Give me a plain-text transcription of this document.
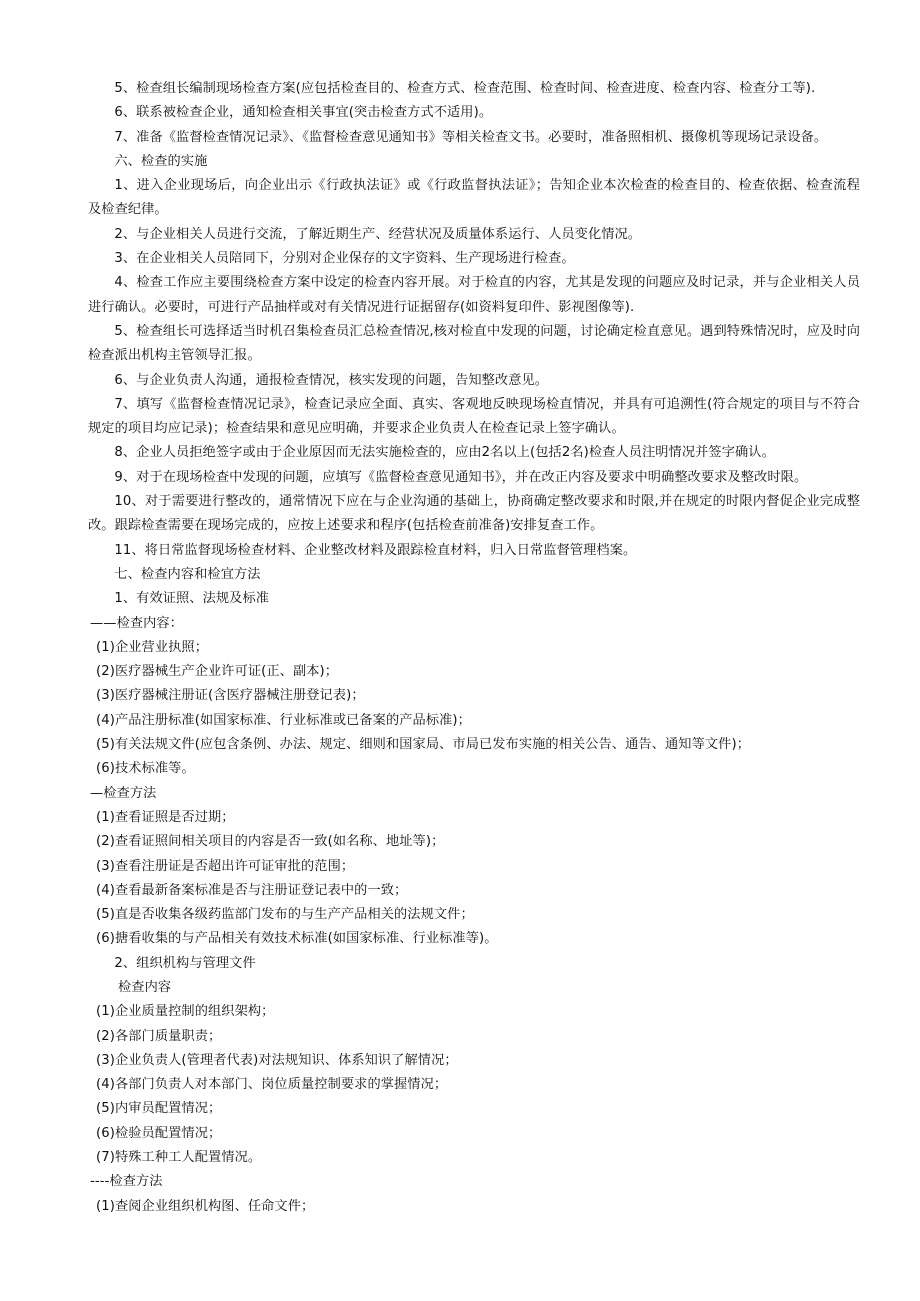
5、检查组长编制现场检查方案(应包括检查目的、检查方式、检查范围、检查时间、检查进度、检查内容、检查分工等).
6、联系被检查企业，通知检查相关事宜(突击检查方式不适用)。
7、准备《监督检查情况记录》、《监督检查意见通知书》等相关检查文书。必要时，准备照相机、摄像机等现场记录设备。
六、检查的实施
1、进入企业现场后，向企业出示《行政执法证》或《行政监督执法证》；告知企业本次检查的检查目的、检查依据、检查流程及检查纪律。
2、与企业相关人员进行交流，了解近期生产、经营状况及质量体系运行、人员变化情况。
3、在企业相关人员陪同下，分别对企业保存的文字资料、生产现场进行检查。
4、检查工作应主要围绕检查方案中设定的检查内容开展。对于检直的内容，尤其是发现的问题应及时记录，并与企业相关人员进行确认。必要时，可进行产品抽样或对有关情况进行证据留存(如资料复印件、影视图像等).
5、检查组长可选择适当时机召集检查员汇总检查情况,核对检直中发现的问题，讨论确定检直意见。遇到特殊情况时，应及时向检查派出机构主管领导汇报。
6、与企业负责人沟通，通报检查情况，核实发现的问题，告知整改意见。
7、填写《监督检查情况记录》，检查记录应全面、真实、客观地反映现场检直情况，并具有可追溯性(符合规定的项目与不符合规定的项目均应记录)；检查结果和意见应明确，并要求企业负责人在检查记录上签字确认。
8、企业人员拒绝签字或由于企业原因而无法实施检查的，应由2名以上(包括2名)检查人员注明情况并签字确认。
9、对于在现场检查中发现的问题，应填写《监督检查意见通知书》，并在改正内容及要求中明确整改要求及整改时限。
10、对于需要进行整改的，通常情况下应在与企业沟通的基础上，协商确定整改要求和时限,并在规定的时限内督促企业完成整改。跟踪检查需要在现场完成的，应按上述要求和程序(包括检查前准备)安排复查工作。
11、将日常监督现场检查材料、企业整改材料及跟踪检直材料，归入日常监督管理档案。
七、检查内容和检宜方法
1、有效证照、法规及标准
——检查内容：
(1)企业营业执照；
(2)医疗器械生产企业许可证(正、副本)；
(3)医疗器械注册证(含医疗器械注册登记表)；
(4)产品注册标准(如国家标准、行业标准或已备案的产品标准)；
(5)有关法规文件(应包含条例、办法、规定、细则和国家局、市局已发布实施的相关公告、通告、通知等文件)；
(6)技术标准等。
—检查方法
(1)查看证照是否过期；
(2)查看证照间相关项目的内容是否一致(如名称、地址等)；
(3)查看注册证是否超出许可证审批的范围；
(4)查看最新备案标准是否与注册证登记表中的一致；
(5)直是否收集各级药监部门发布的与生产产品相关的法规文件；
(6)搪看收集的与产品相关有效技术标准(如国家标准、行业标准等)。
2、组织机构与管理文件
检查内容
(1)企业质量控制的组织架构；
(2)各部门质量职责；
(3)企业负责人(管理者代表)对法规知识、体系知识了解情况；
(4)各部门负责人对本部门、岗位质量控制要求的掌握情况；
(5)内审员配置情况；
(6)检验员配置情况；
(7)特殊工种工人配置情况。
----检查方法
(1)查阅企业组织机构图、任命文件；
